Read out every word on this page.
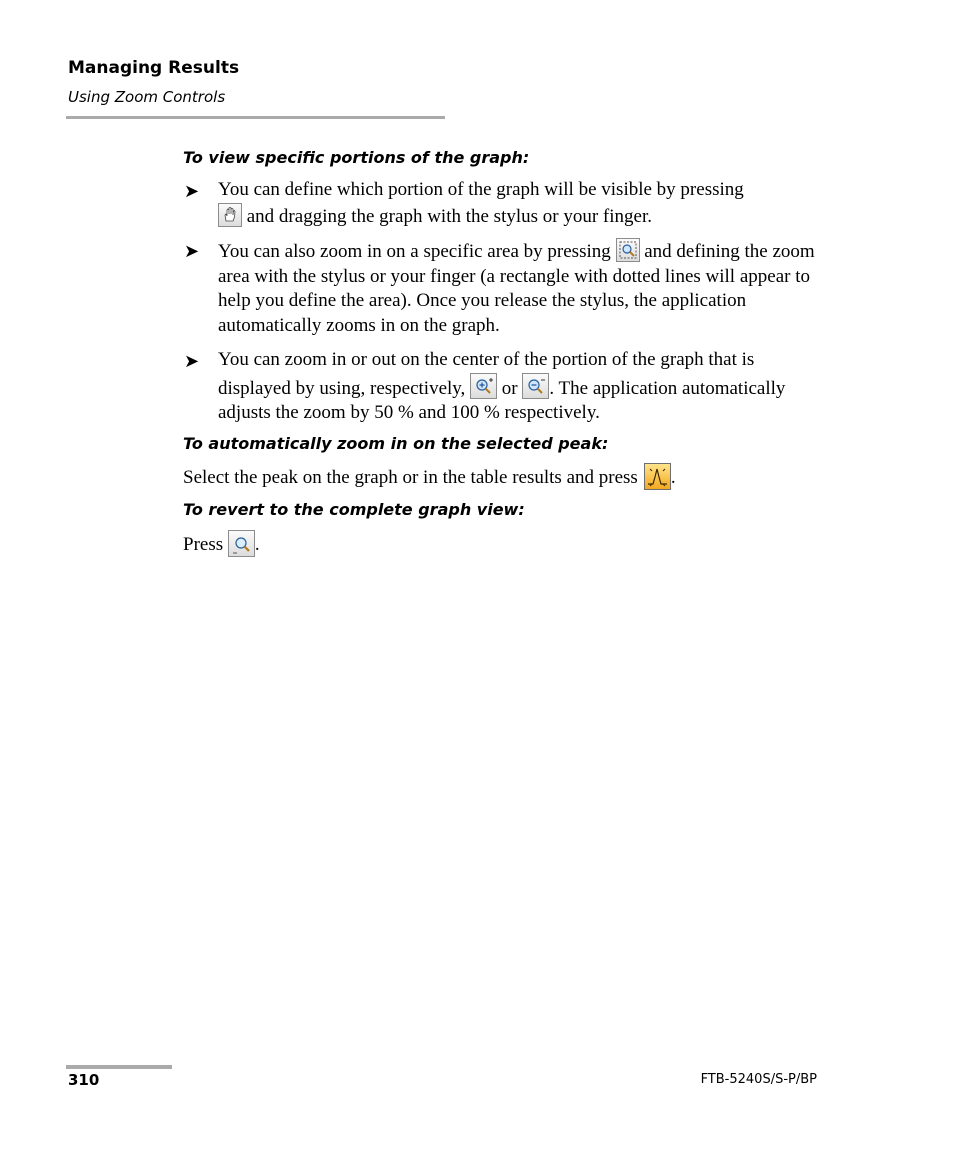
Managing Results
Using Zoom Controls
To view specific portions of the graph:
➤ You can define which portion of the graph will be visible by pressing

and dragging the graph with the stylus or your finger.
➤ You can also zoom in on a specific area by pressing and defining the zoom area with the stylus or your finger (a rectangle with dotted lines will appear to help you define the area). Once you release the stylus, the application automatically zooms in on the graph.
➤ You can zoom in or out on the center of the portion of the graph that is displayed by using, respectively, or . The application automatically adjusts the zoom by 50 % and 100 % respectively.
To automatically zoom in on the selected peak:
Select the peak on the graph or in the table results and press .
To revert to the complete graph view:
Press .
310	FTB-5240S/S-P/BP
